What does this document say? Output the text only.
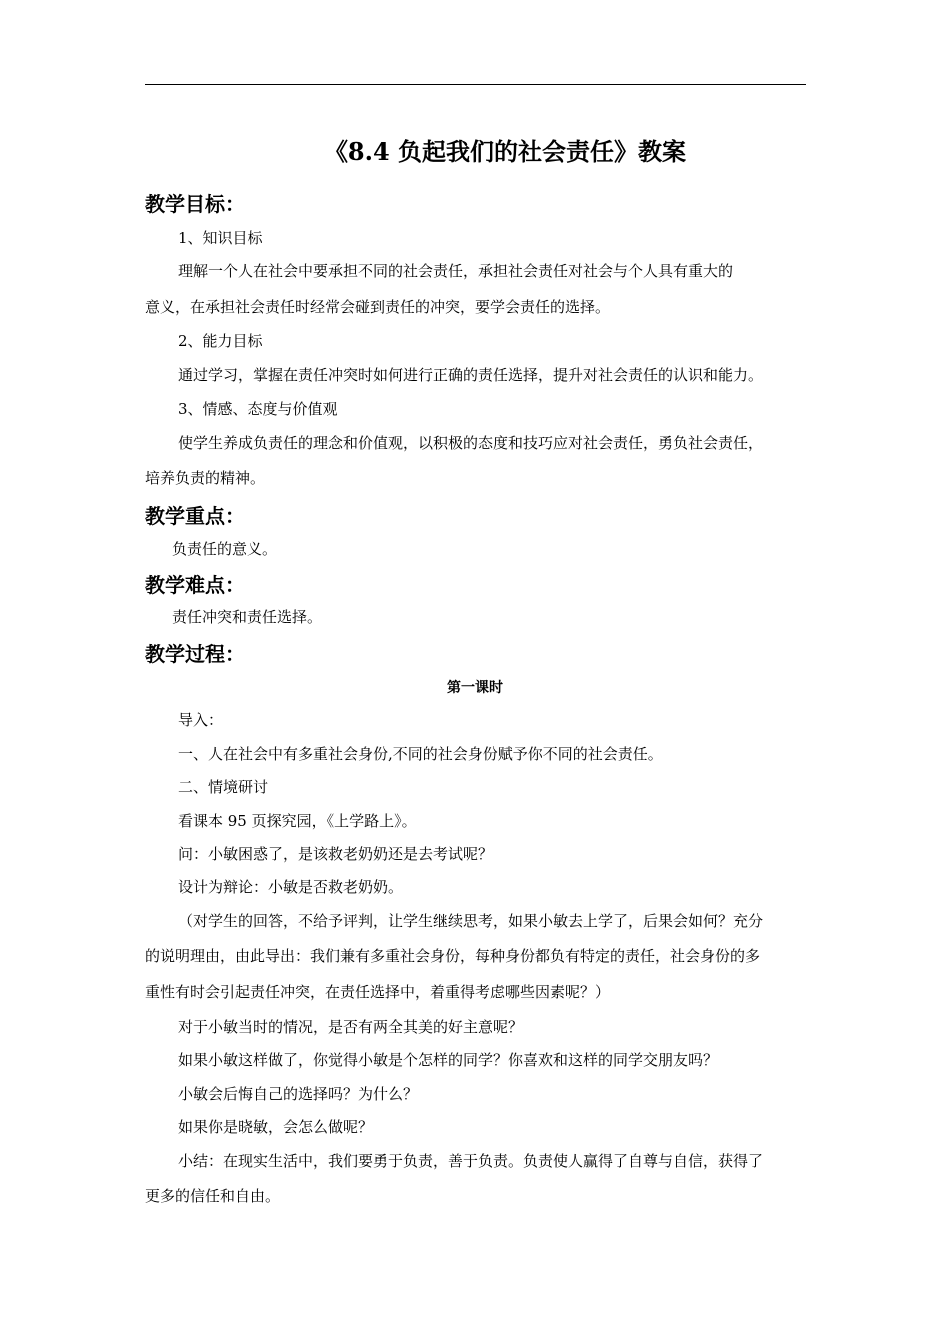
《8.4 负起我们的社会责任》教案
教学目标：
1、知识目标
理解一个人在社会中要承担不同的社会责任，承担社会责任对社会与个人具有重大的
意义，在承担社会责任时经常会碰到责任的冲突，要学会责任的选择。
2、能力目标
通过学习，掌握在责任冲突时如何进行正确的责任选择，提升对社会责任的认识和能力。
3、情感、态度与价值观
使学生养成负责任的理念和价值观，以积极的态度和技巧应对社会责任，勇负社会责任，
培养负责的精神。
教学重点：
负责任的意义。
教学难点：
责任冲突和责任选择。
教学过程：
第一课时
导入：
一、人在社会中有多重社会身份,不同的社会身份赋予你不同的社会责任。
二、情境研讨
看课本 95 页探究园，《上学路上》。
问：小敏困惑了，是该救老奶奶还是去考试呢？
设计为辩论：小敏是否救老奶奶。
（对学生的回答，不给予评判，让学生继续思考，如果小敏去上学了，后果会如何？充分
的说明理由，由此导出：我们兼有多重社会身份，每种身份都负有特定的责任，社会身份的多
重性有时会引起责任冲突，在责任选择中，着重得考虑哪些因素呢？）
对于小敏当时的情况，是否有两全其美的好主意呢？
如果小敏这样做了，你觉得小敏是个怎样的同学？你喜欢和这样的同学交朋友吗？
小敏会后悔自己的选择吗？为什么？
如果你是晓敏，会怎么做呢？
小结：在现实生活中，我们要勇于负责，善于负责。负责使人赢得了自尊与自信，获得了
更多的信任和自由。
